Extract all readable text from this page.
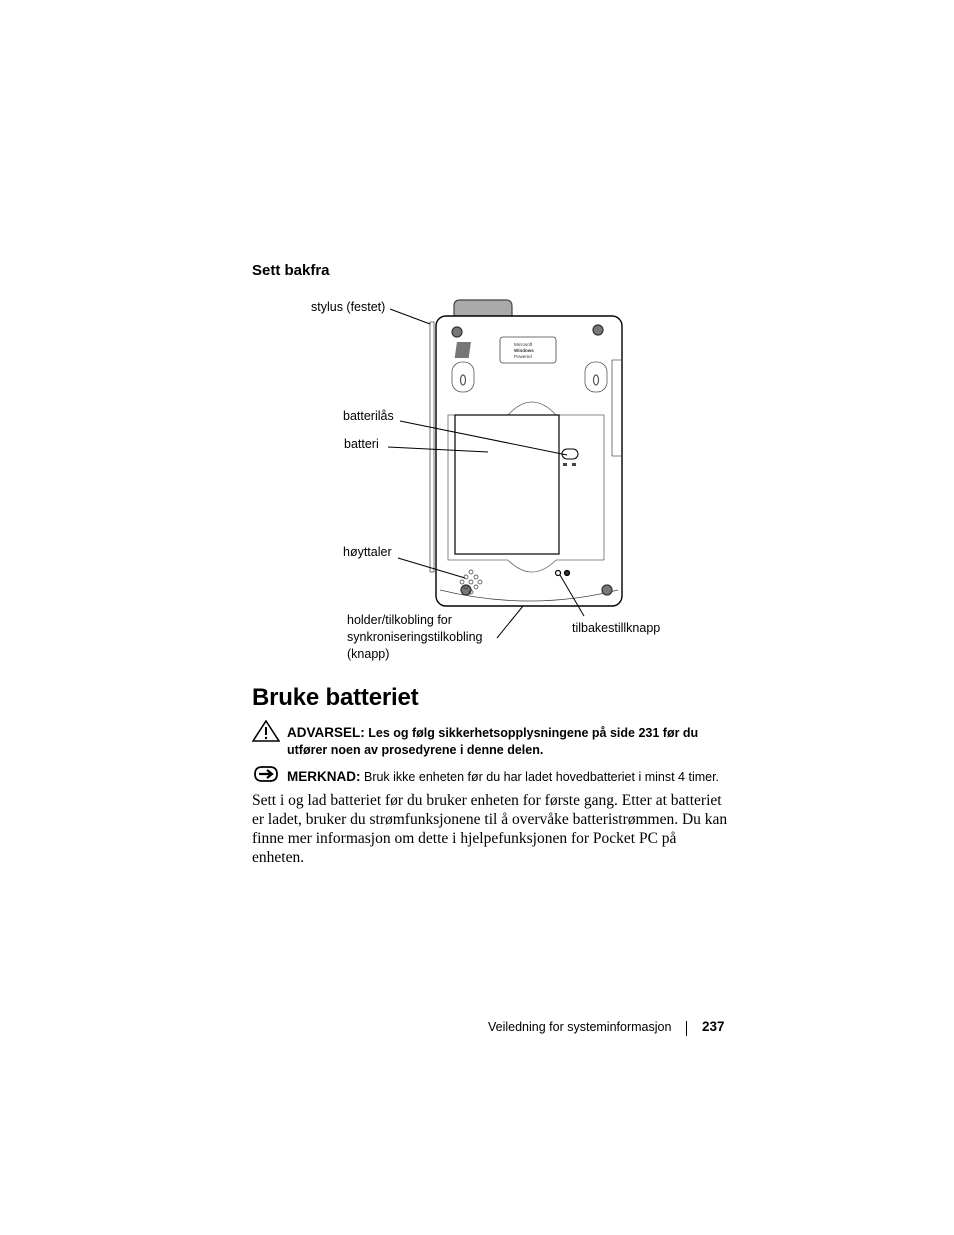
Sett bakfra
Microsoft
Windows
Powered
stylus (festet)
batterilås
batteri
høyttaler
holder/tilkobling for
synkroniseringstilkobling
(knapp)
tilbakestillknapp
Bruke batteriet
ADVARSEL: Les og følg sikkerhetsopplysningene på side 231 før du utfører noen av prosedyrene i denne delen.
MERKNAD: Bruk ikke enheten før du har ladet hovedbatteriet i minst 4 timer.
Sett i og lad batteriet før du bruker enheten for første gang. Etter at batteriet er ladet, bruker du strømfunksjonene til å overvåke batteristrømmen. Du kan finne mer informasjon om dette i hjelpefunksjonen for Pocket PC på enheten.
Veiledning for systeminformasjon 237
